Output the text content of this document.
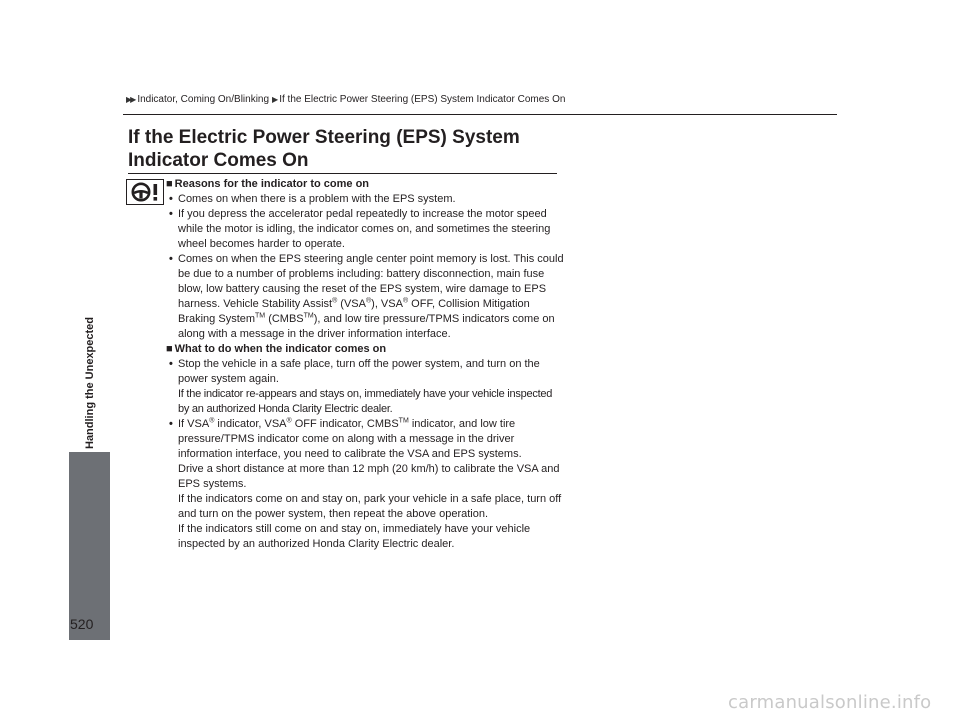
▶▶ Indicator, Coming On/Blinking ▶ If the Electric Power Steering (EPS) System Indicator Comes On
If the Electric Power Steering (EPS) System Indicator Comes On
Handling the Unexpected
■ Reasons for the indicator to come on
• Comes on when there is a problem with the EPS system.
• If you depress the accelerator pedal repeatedly to increase the motor speed while the motor is idling, the indicator comes on, and sometimes the steering wheel becomes harder to operate.
• Comes on when the EPS steering angle center point memory is lost. This could be due to a number of problems including: battery disconnection, main fuse blow, low battery causing the reset of the EPS system, wire damage to EPS harness. Vehicle Stability Assist® (VSA®), VSA® OFF, Collision Mitigation Braking System™ (CMBS™), and low tire pressure/TPMS indicators come on along with a message in the driver information interface.
■ What to do when the indicator comes on
• Stop the vehicle in a safe place, turn off the power system, and turn on the power system again.

If the indicator re-appears and stays on, immediately have your vehicle inspected by an authorized Honda Clarity Electric dealer.

• If VSA® indicator, VSA® OFF indicator, CMBS™ indicator, and low tire pressure/TPMS indicator come on along with a message in the driver information interface, you need to calibrate the VSA and EPS systems.

Drive a short distance at more than 12 mph (20 km/h) to calibrate the VSA and EPS systems.

If the indicators come on and stay on, park your vehicle in a safe place, turn off and turn on the power system, then repeat the above operation.

If the indicators still come on and stay on, immediately have your vehicle inspected by an authorized Honda Clarity Electric dealer.

520
carmanualsonline.info
